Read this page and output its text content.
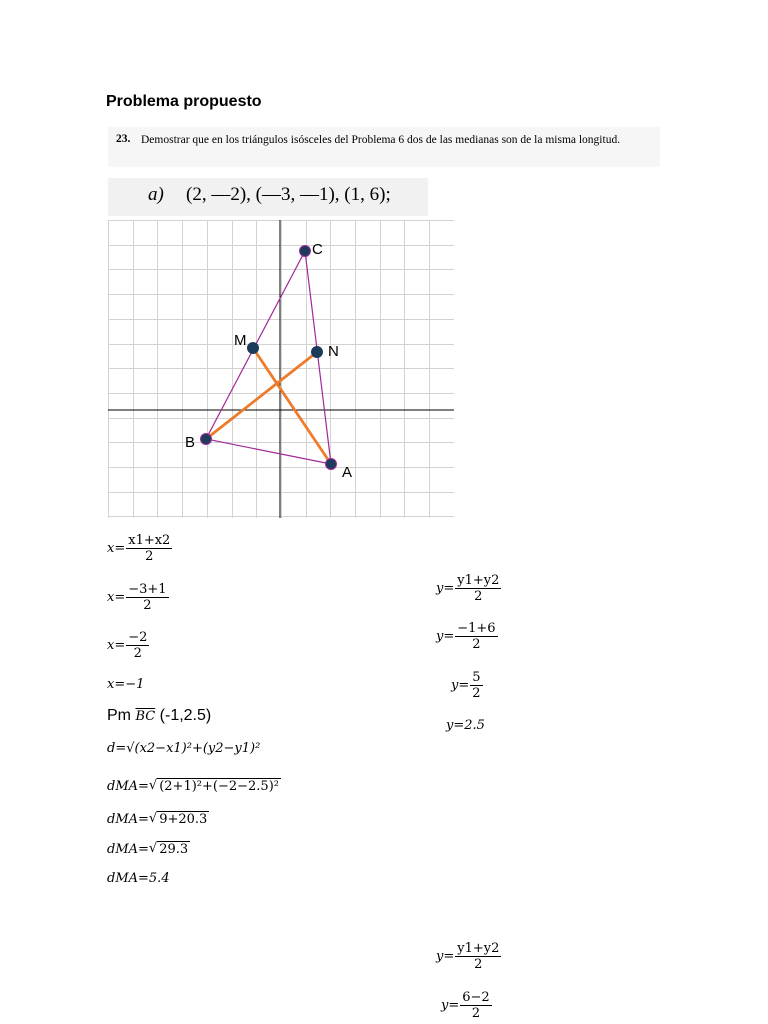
Problema propuesto
23. Demostrar que en los triángulos isósceles del Problema 6 dos de las medianas son de la misma longitud.
a) (2, —2), (—3, —1), (1, 6);
A
B
C
M
N
$x= \frac{x1+x2}{2}$
$x= \frac{-3+1}{2}$
$x= \frac{-2}{2}$
x=−1
Pm
$\overline{BC}$
(-1,2.5)
$y= \frac{y1+y2}{2}$
$y= \frac{-1+6}{2}$
$y= \frac{5}{2}$
y=2.5
d=√(x2−x1)²+(y2−y1)²
dMA= √ (2+1)²+(−2−2.5)²
dMA= √ 9+20.3
dMA= √ 29.3
dMA=5.4
$y= \frac{y1+y2}{2}$
$y= \frac{6-2}{2}$
